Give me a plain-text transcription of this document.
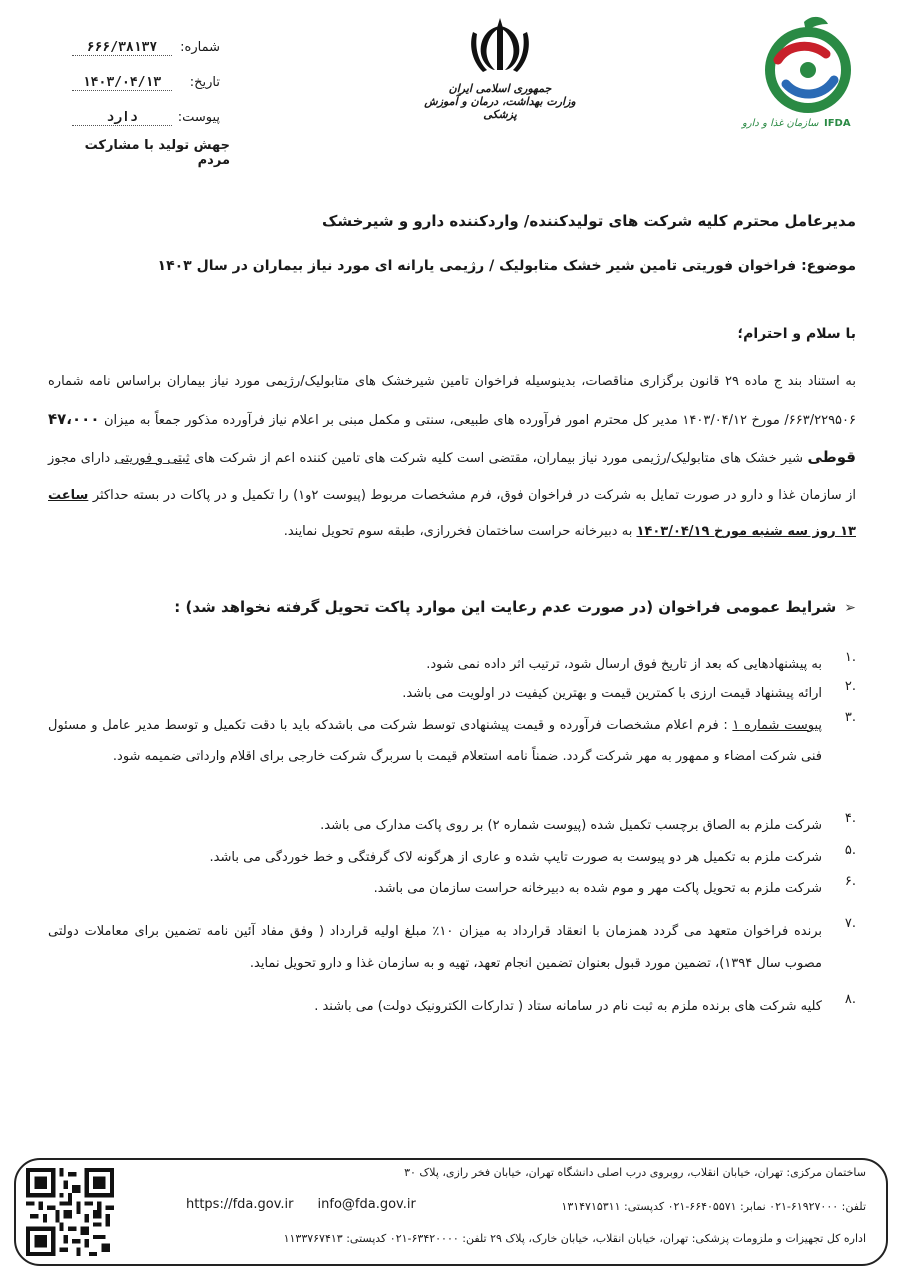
شماره:۶۶۶/۳۸۱۳۷
تاریخ:۱۴۰۳/۰۴/۱۳
پیوست:دارد
جهش تولید با مشارکت مردم
جمهوری اسلامی ایران
وزارت بهداشت، درمان و آموزش پزشکی
سازمان غذا و دارو IFDA
مدیرعامل محترم کلیه شرکت های تولیدکننده/ واردکننده دارو و شیرخشک
موضوع: فراخوان فوریتی تامین شیر خشک متابولیک / رژیمی یارانه ای مورد نیاز بیماران در سال ۱۴۰۳
با سلام و احترام؛
به استناد بند ج ماده ۲۹ قانون برگزاری مناقصات، بدینوسیله فراخوان تامین شیرخشک های متابولیک/رژیمی مورد نیاز بیماران براساس نامه شماره ۶۶۳/۲۲۹۵۰۶/ مورخ ۱۴۰۳/۰۴/۱۲ مدیر کل محترم امور فرآورده های طبیعی، سنتی و مکمل مبنی بر اعلام نیاز فرآورده مذکور جمعاً به میزان ۴۷،۰۰۰ قوطی شیر خشک های متابولیک/رژیمی مورد نیاز بیماران، مقتضی است کلیه شرکت های تامین کننده اعم از شرکت های ثبتی و فوریتی دارای مجوز از سازمان غذا و دارو در صورت تمایل به شرکت در فراخوان فوق، فرم مشخصات مربوط (پیوست ۲و۱) را تکمیل و در پاکات در بسته حداکثر ساعت ۱۳ روز سه شنبه مورخ ۱۴۰۳/۰۴/۱۹ به دبیرخانه حراست ساختمان فخررازی، طبقه سوم تحویل نمایند.
➢شرایط عمومی فراخوان (در صورت عدم رعایت این موارد پاکت تحویل گرفته نخواهد شد) :
.۱
به پیشنهادهایی که بعد از تاریخ فوق ارسال شود، ترتیب اثر داده نمی شود.
.۲
ارائه پیشنهاد قیمت ارزی با کمترین قیمت و بهترین کیفیت در اولویت می باشد.
.۳
پیوست شماره ۱ : فرم اعلام مشخصات فرآورده و قیمت پیشنهادی توسط شرکت می باشدکه باید با دقت تکمیل و توسط مدیر عامل و مسئول فنی شرکت امضاء و ممهور به مهر شرکت گردد. ضمناً نامه استعلام قیمت با سربرگ شرکت خارجی برای اقلام وارداتی ضمیمه شود.
.۴
شرکت ملزم به الصاق برچسب تکمیل شده (پیوست شماره ۲) بر روی پاکت مدارک می باشد.
.۵
شرکت ملزم به تکمیل هر دو پیوست به صورت تایپ شده و عاری از هرگونه لاک گرفتگی و خط خوردگی می باشد.
.۶
شرکت ملزم به تحویل پاکت مهر و موم شده به دبیرخانه حراست سازمان می باشد.
.۷
برنده فراخوان متعهد می گردد همزمان با انعقاد قرارداد به میزان ۱۰٪ مبلغ اولیه قرارداد ( وفق مفاد آئین نامه تضمین برای معاملات دولتی مصوب سال ۱۳۹۴)، تضمین مورد قبول بعنوان تضمین انجام تعهد، تهیه و به سازمان غذا و دارو تحویل نماید.
.۸
کلیه شرکت های برنده ملزم به ثبت نام در سامانه ستاد ( تدارکات الکترونیک دولت) می باشند .
ساختمان مرکزی: تهران، خیابان انقلاب، روبروی درب اصلی دانشگاه تهران، خیابان فخر رازی، پلاک ۳۰
تلفن: ۶۱۹۲۷۰۰۰-۰۲۱ نمابر: ۶۶۴۰۵۵۷۱-۰۲۱ کدپستی: ۱۳۱۴۷۱۵۳۱۱
https://fda.gov.ir info@fda.gov.ir
اداره کل تجهیزات و ملزومات پزشکی: تهران، خیابان انقلاب، خیابان خارک، پلاک ۲۹ تلفن: ۶۳۴۲۰۰۰۰-۰۲۱ کدپستی: ۱۱۳۳۷۶۷۴۱۳
